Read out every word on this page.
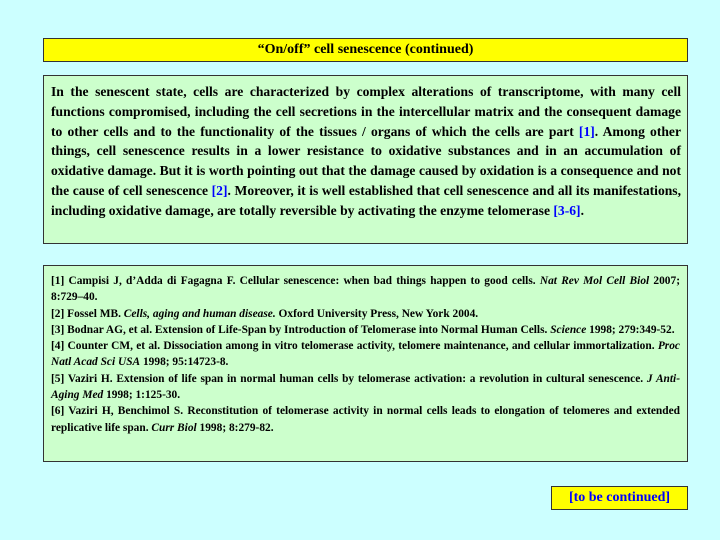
“On/off” cell senescence (continued)
In the senescent state, cells are characterized by complex alterations of transcriptome, with many cell functions compromised, including the cell secretions in the intercellular matrix and the consequent damage to other cells and to the functionality of the tissues / organs of which the cells are part [1]. Among other things, cell senescence results in a lower resistance to oxidative substances and in an accumulation of oxidative damage. But it is worth pointing out that the damage caused by oxidation is a consequence and not the cause of cell senescence [2]. Moreover, it is well established that cell senescence and all its manifestations, including oxidative damage, are totally reversible by activating the enzyme telomerase [3-6].

[1] Campisi J, d’Adda di Fagagna F. Cellular senescence: when bad things happen to good cells. Nat Rev Mol Cell Biol 2007; 8:729–40.

[2] Fossel MB. Cells, aging and human disease. Oxford University Press, New York 2004.

[3] Bodnar AG, et al. Extension of Life-Span by Introduction of Telomerase into Normal Human Cells. Science 1998; 279:349-52.

[4] Counter CM, et al. Dissociation among in vitro telomerase activity, telomere maintenance, and cellular immortalization. Proc Natl Acad Sci USA 1998; 95:14723-8.

[5] Vaziri H. Extension of life span in normal human cells by telomerase activation: a revolution in cultural senescence. J Anti-Aging Med 1998; 1:125-30.

[6] Vaziri H, Benchimol S. Reconstitution of telomerase activity in normal cells leads to elongation of telomeres and extended replicative life span. Curr Biol 1998; 8:279-82.

[to be continued]
